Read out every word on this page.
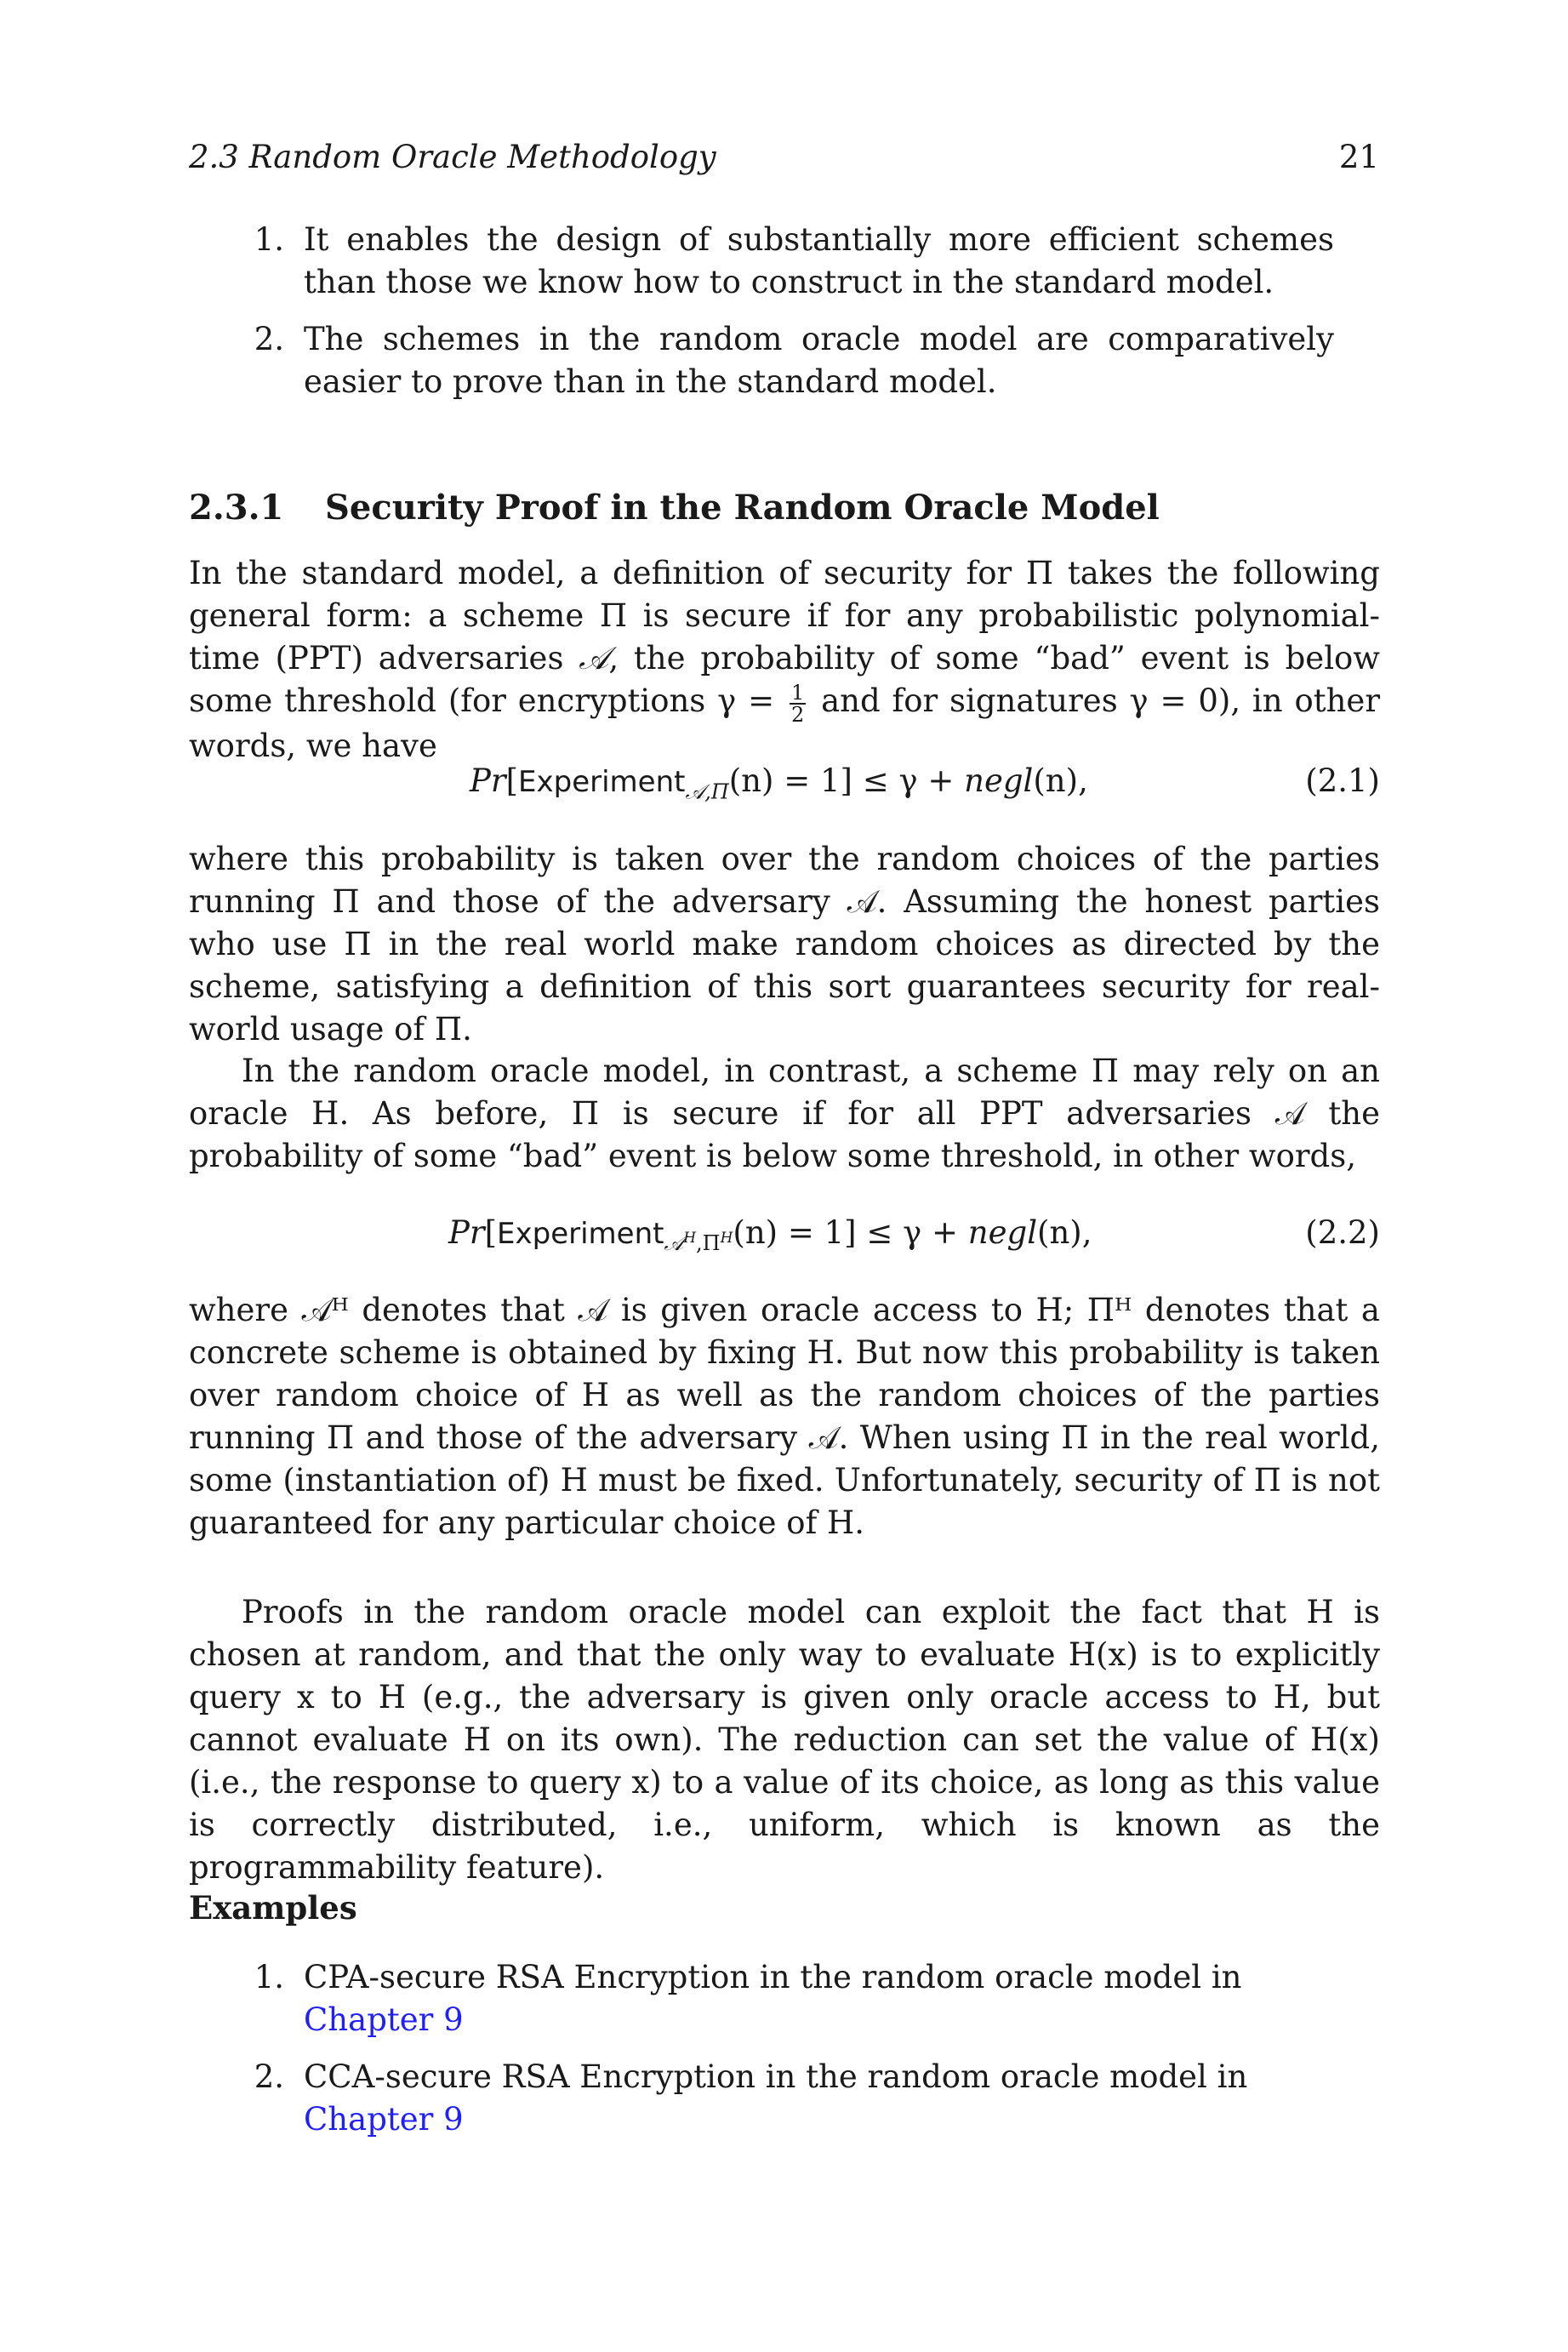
2.3 Random Oracle Methodology	21
1. It enables the design of substantially more efficient schemes than those we know how to construct in the standard model.
2. The schemes in the random oracle model are comparatively easier to prove than in the standard model.
2.3.1 Security Proof in the Random Oracle Model
In the standard model, a definition of security for Π takes the following general form: a scheme Π is secure if for any probabilistic polynomial-time (PPT) adversaries 𝒜, the probability of some “bad” event is below some threshold (for encryptions $\gamma = \frac{1}{2}$ and for signatures γ = 0), in other words, we have
Pr[Experiment$_{𝒜,\Pi}$(n) = 1] ≤ γ + negl(n),	(2.1)
where this probability is taken over the random choices of the parties running Π and those of the adversary 𝒜. Assuming the honest parties who use Π in the real world make random choices as directed by the scheme, satisfying a definition of this sort guarantees security for real-world usage of Π.
In the random oracle model, in contrast, a scheme Π may rely on an oracle H. As before, Π is secure if for all PPT adversaries 𝒜 the probability of some “bad” event is below some threshold, in other words,
Pr[Experiment$_{𝒜^H,\Pi^H}$(n) = 1] ≤ γ + negl(n),	(2.2)
where 𝒜ᴴ denotes that 𝒜 is given oracle access to H; Πᴴ denotes that a concrete scheme is obtained by fixing H. But now this probability is taken over random choice of H as well as the random choices of the parties running Π and those of the adversary 𝒜. When using Π in the real world, some (instantiation of) H must be fixed. Unfortunately, security of Π is not guaranteed for any particular choice of H.
Proofs in the random oracle model can exploit the fact that H is chosen at random, and that the only way to evaluate H(x) is to explicitly query x to H (e.g., the adversary is given only oracle access to H, but cannot evaluate H on its own). The reduction can set the value of H(x) (i.e., the response to query x) to a value of its choice, as long as this value is correctly distributed, i.e., uniform, which is known as the programmability feature).
Examples
1. CPA-secure RSA Encryption in the random oracle model in Chapter 9
2. CCA-secure RSA Encryption in the random oracle model in Chapter 9
